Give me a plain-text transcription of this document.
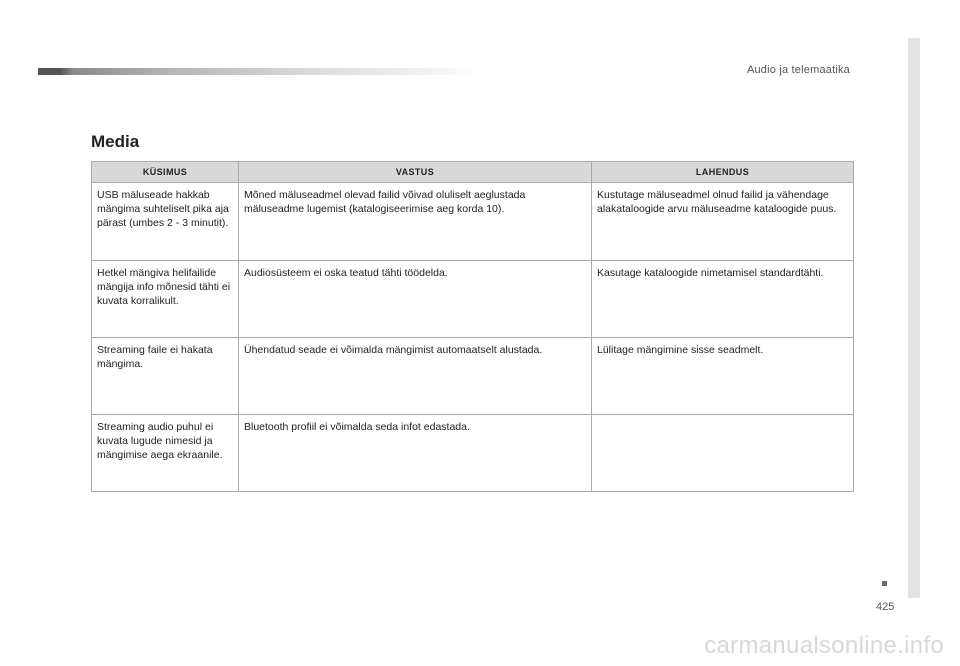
Audio ja telemaatika
Media
KÜSIMUS	VASTUS	LAHENDUS
USB mäluseade hakkab mängima suhteliselt pika aja pärast (umbes 2 - 3 minutit).	Mõned mäluseadmel olevad failid võivad oluliselt aeglustada mäluseadme lugemist (katalogiseerimise aeg korda 10).	Kustutage mäluseadmel olnud failid ja vähendage alakataloogide arvu mäluseadme kataloogide puus.
Hetkel mängiva helifailide mängija info mõnesid tähti ei kuvata korralikult.	Audiosüsteem ei oska teatud tähti töödelda.	Kasutage kataloogide nimetamisel standardtähti.
Streaming faile ei hakata mängima.	Ühendatud seade ei võimalda mängimist automaatselt alustada.	Lülitage mängimine sisse seadmelt.
Streaming audio puhul ei kuvata lugude nimesid ja mängimise aega ekraanile.	Bluetooth profiil ei võimalda seda infot edastada.	
425
carmanualsonline.info
